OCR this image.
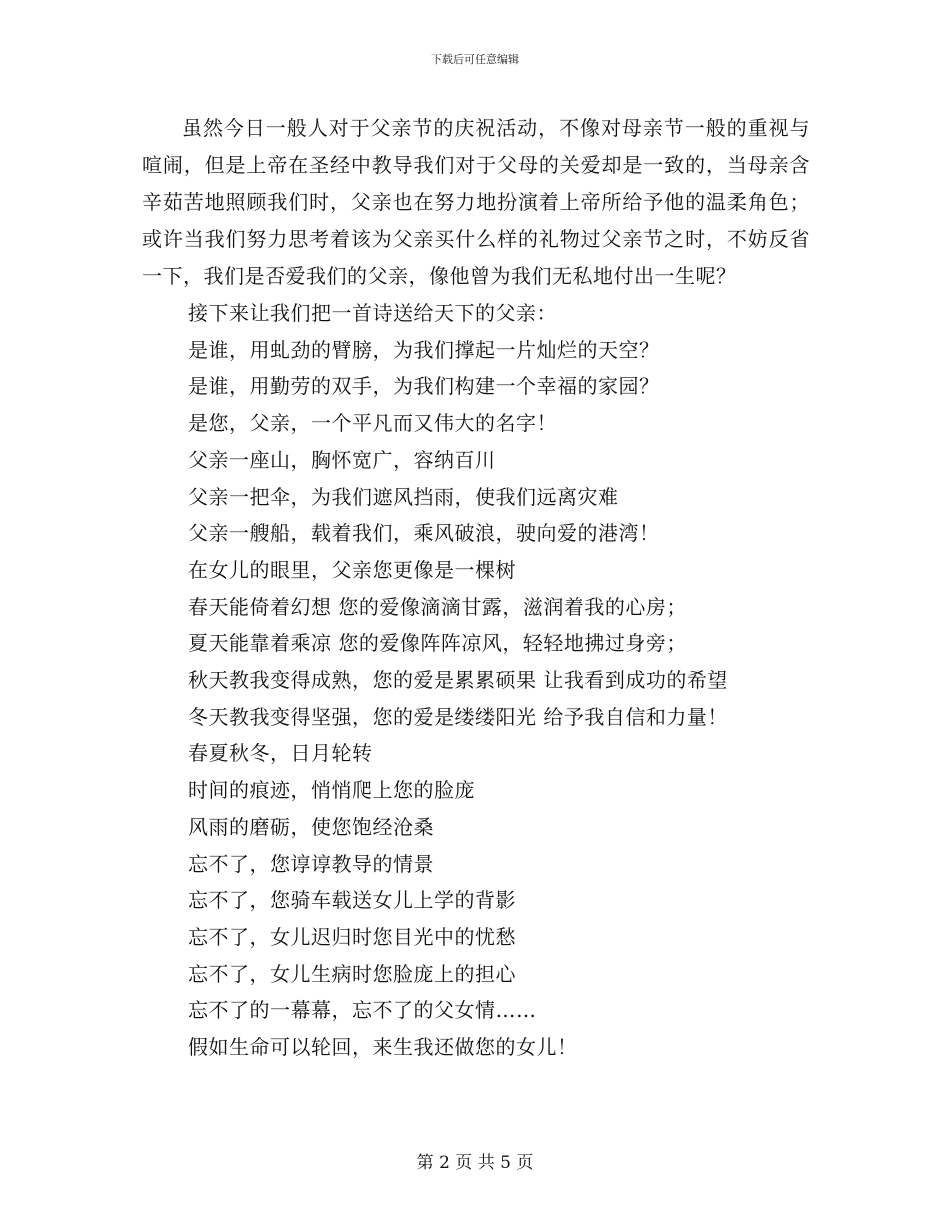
下载后可任意编辑

虽然今日一般人对于父亲节的庆祝活动，不像对母亲节一般的重视与喧闹，但是上帝在圣经中教导我们对于父母的关爱却是一致的，当母亲含辛茹苦地照顾我们时，父亲也在努力地扮演着上帝所给予他的温柔角色；或许当我们努力思考着该为父亲买什么样的礼物过父亲节之时，不妨反省一下，我们是否爱我们的父亲，像他曾为我们无私地付出一生呢？

接下来让我们把一首诗送给天下的父亲：

是谁，用虬劲的臂膀，为我们撑起一片灿烂的天空？

是谁，用勤劳的双手，为我们构建一个幸福的家园？

是您，父亲，一个平凡而又伟大的名字！

父亲一座山，胸怀宽广，容纳百川

父亲一把伞，为我们遮风挡雨，使我们远离灾难

父亲一艘船，载着我们，乘风破浪，驶向爱的港湾！

在女儿的眼里，父亲您更像是一棵树

春天能倚着幻想 您的爱像滴滴甘露，滋润着我的心房；

夏天能靠着乘凉 您的爱像阵阵凉风，轻轻地拂过身旁；

秋天教我变得成熟，您的爱是累累硕果 让我看到成功的希望

冬天教我变得坚强，您的爱是缕缕阳光 给予我自信和力量！

春夏秋冬，日月轮转

时间的痕迹，悄悄爬上您的脸庞

风雨的磨砺，使您饱经沧桑

忘不了，您谆谆教导的情景

忘不了，您骑车载送女儿上学的背影

忘不了，女儿迟归时您目光中的忧愁

忘不了，女儿生病时您脸庞上的担心

忘不了的一幕幕，忘不了的父女情……

假如生命可以轮回，来生我还做您的女儿！

第 2 页 共 5 页
